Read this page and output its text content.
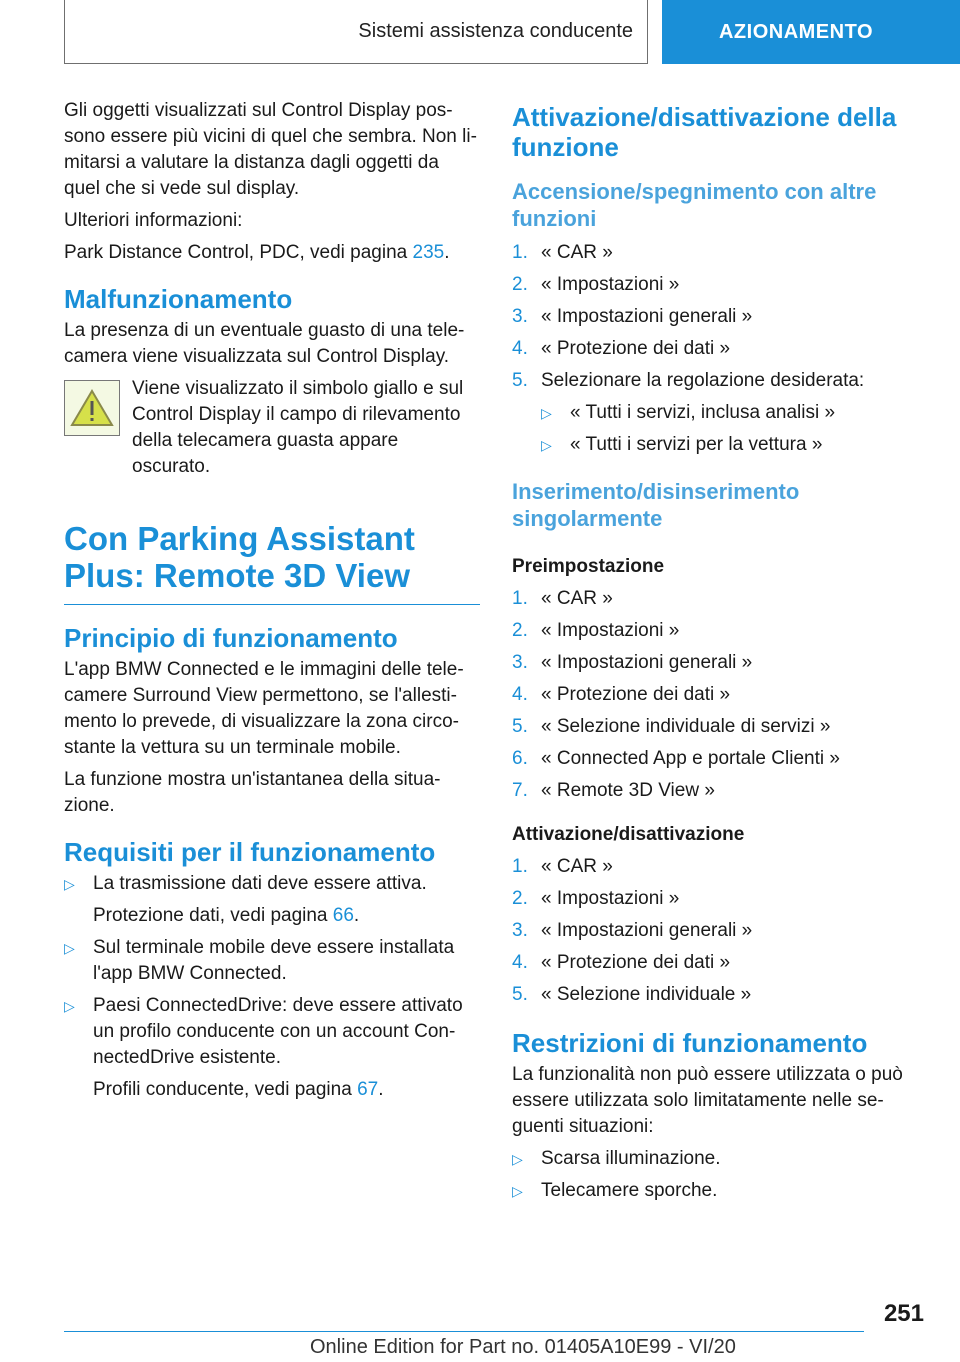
Sistemi assistenza conducente	AZIONAMENTO

Gli oggetti visualizzati sul Control Display pos-sono essere più vicini di quel che sembra. Non li-mitarsi a valutare la distanza dagli oggetti da quel che si vede sul display.

Ulteriori informazioni:

Park Distance Control, PDC, vedi pagina 235.

Malfunzionamento

La presenza di un eventuale guasto di una tele-camera viene visualizzata sul Control Display.

Viene visualizzato il simbolo giallo e sul Control Display il campo di rilevamento della telecamera guasta appare oscurato.

Con Parking Assistant Plus: Remote 3D View
Principio di funzionamento

L'app BMW Connected e le immagini delle tele-camere Surround View permettono, se l'allesti-mento lo prevede, di visualizzare la zona circo-stante la vettura su un terminale mobile.

La funzione mostra un'istantanea della situa-zione.

Requisiti per il funzionamento
▷ La trasmissione dati deve essere attiva.
Protezione dati, vedi pagina 66.
▷ Sul terminale mobile deve essere installata l'app BMW Connected.
▷ Paesi ConnectedDrive: deve essere attivato un profilo conducente con un account Con-nectedDrive esistente.
Profili conducente, vedi pagina 67.
Attivazione/disattivazione della funzione
Accensione/spegnimento con altre funzioni
1. « CAR »
2. « Impostazioni »
3. « Impostazioni generali »
4. « Protezione dei dati »
5. Selezionare la regolazione desiderata:
▷ « Tutti i servizi, inclusa analisi »
▷ « Tutti i servizi per la vettura »
Inserimento/disinserimento singolarmente
Preimpostazione
1. « CAR »
2. « Impostazioni »
3. « Impostazioni generali »
4. « Protezione dei dati »
5. « Selezione individuale di servizi »
6. « Connected App e portale Clienti »
7. « Remote 3D View »
Attivazione/disattivazione
1. « CAR »
2. « Impostazioni »
3. « Impostazioni generali »
4. « Protezione dei dati »
5. « Selezione individuale »
Restrizioni di funzionamento

La funzionalità non può essere utilizzata o può essere utilizzata solo limitatamente nelle se-guenti situazioni:

▷ Scarsa illuminazione.
▷ Telecamere sporche.
251
Online Edition for Part no. 01405A10E99 - VI/20
